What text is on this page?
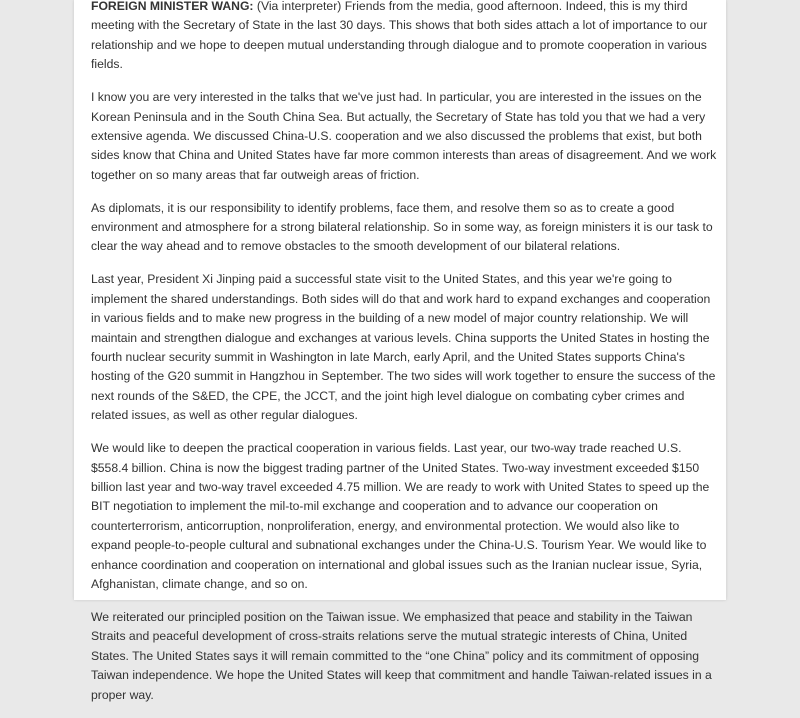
FOREIGN MINISTER WANG: (Via interpreter) Friends from the media, good afternoon. Indeed, this is my third meeting with the Secretary of State in the last 30 days. This shows that both sides attach a lot of importance to our relationship and we hope to deepen mutual understanding through dialogue and to promote cooperation in various fields.

I know you are very interested in the talks that we've just had. In particular, you are interested in the issues on the Korean Peninsula and in the South China Sea. But actually, the Secretary of State has told you that we had a very extensive agenda. We discussed China-U.S. cooperation and we also discussed the problems that exist, but both sides know that China and United States have far more common interests than areas of disagreement. And we work together on so many areas that far outweigh areas of friction.

As diplomats, it is our responsibility to identify problems, face them, and resolve them so as to create a good environment and atmosphere for a strong bilateral relationship. So in some way, as foreign ministers it is our task to clear the way ahead and to remove obstacles to the smooth development of our bilateral relations.

Last year, President Xi Jinping paid a successful state visit to the United States, and this year we're going to implement the shared understandings. Both sides will do that and work hard to expand exchanges and cooperation in various fields and to make new progress in the building of a new model of major country relationship. We will maintain and strengthen dialogue and exchanges at various levels. China supports the United States in hosting the fourth nuclear security summit in Washington in late March, early April, and the United States supports China's hosting of the G20 summit in Hangzhou in September. The two sides will work together to ensure the success of the next rounds of the S&ED, the CPE, the JCCT, and the joint high level dialogue on combating cyber crimes and related issues, as well as other regular dialogues.

We would like to deepen the practical cooperation in various fields. Last year, our two-way trade reached U.S. $558.4 billion. China is now the biggest trading partner of the United States. Two-way investment exceeded $150 billion last year and two-way travel exceeded 4.75 million. We are ready to work with United States to speed up the BIT negotiation to implement the mil-to-mil exchange and cooperation and to advance our cooperation on counterterrorism, anticorruption, nonproliferation, energy, and environmental protection. We would also like to expand people-to-people cultural and subnational exchanges under the China-U.S. Tourism Year. We would like to enhance coordination and cooperation on international and global issues such as the Iranian nuclear issue, Syria, Afghanistan, climate change, and so on.

We reiterated our principled position on the Taiwan issue. We emphasized that peace and stability in the Taiwan Straits and peaceful development of cross-straits relations serve the mutual strategic interests of China, United States. The United States says it will remain committed to the “one China” policy and its commitment of opposing Taiwan independence. We hope the United States will keep that commitment and handle Taiwan-related issues in a proper way.
